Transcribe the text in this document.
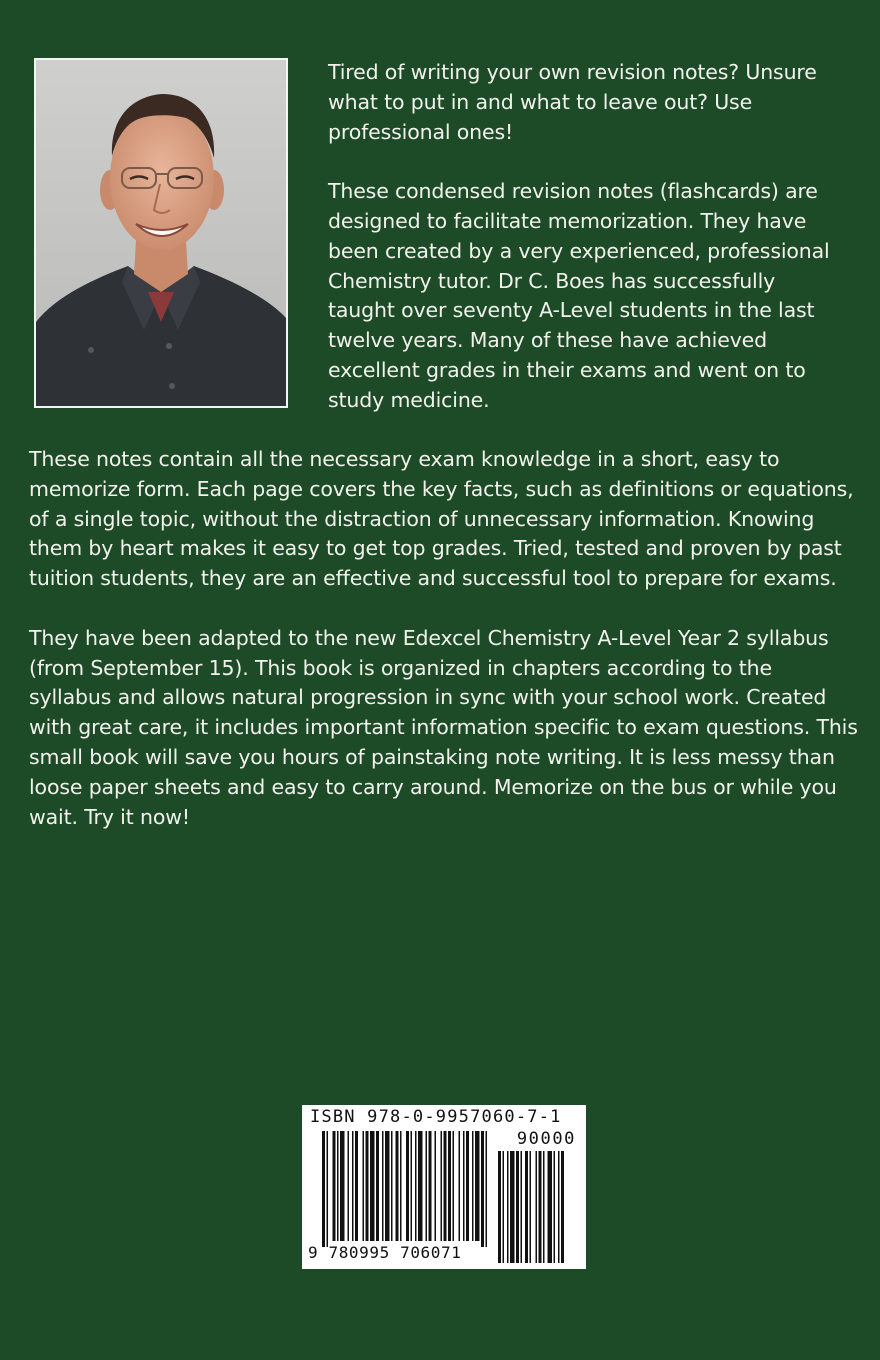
Tired of writing your own revision notes? Unsure what to put in and what to leave out? Use professional ones!

These condensed revision notes (flashcards) are designed to facilitate memorization. They have been created by a very experienced, professional Chemistry tutor. Dr C. Boes has successfully taught over seventy A-Level students in the last twelve years. Many of these have achieved excellent grades in their exams and went on to study medicine.

These notes contain all the necessary exam knowledge in a short, easy to memorize form. Each page covers the key facts, such as definitions or equations, of a single topic, without the distraction of unnecessary information. Knowing them by heart makes it easy to get top grades. Tried, tested and proven by past tuition students, they are an effective and successful tool to prepare for exams.

They have been adapted to the new Edexcel Chemistry A-Level Year 2 syllabus (from September 15). This book is organized in chapters according to the syllabus and allows natural progression in sync with your school work. Created with great care, it includes important information specific to exam questions. This small book will save you hours of painstaking note writing. It is less messy than loose paper sheets and easy to carry around. Memorize on the bus or while you wait. Try it now!

ISBN 978-0-9957060-7-1
90000
9 780995 706071
